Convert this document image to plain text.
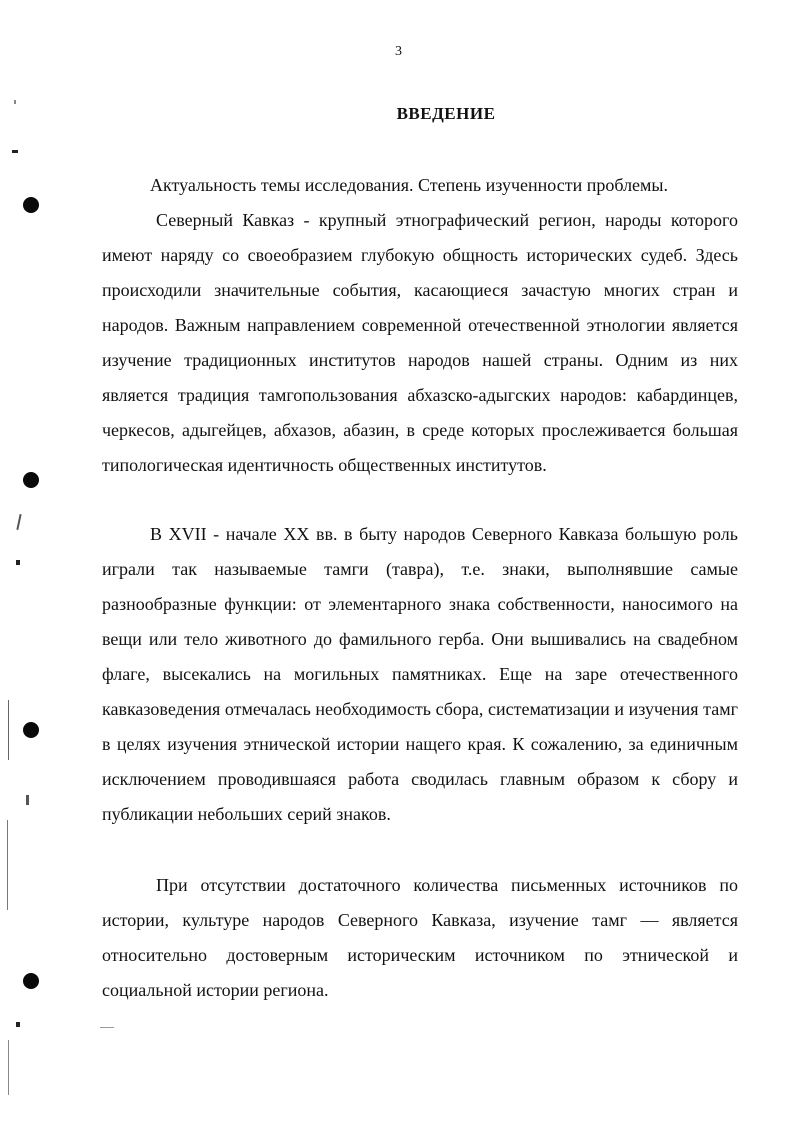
3
ВВЕДЕНИЕ

Актуальность темы исследования. Степень изученности проблемы.

Северный Кавказ - крупный этнографический регион, народы которого имеют наряду со своеобразием глубокую общность исторических судеб. Здесь происходили значительные события, касающиеся зачастую многих стран и народов. Важным направлением современной отечественной этнологии является изучение традиционных институтов народов нашей страны. Одним из них является традиция тамгопользования абхазско-адыгских народов: кабардинцев, черкесов, адыгейцев, абхазов, абазин, в среде которых прослеживается большая типологическая идентичность общественных институтов.

В XVII - начале XX вв. в быту народов Северного Кавказа большую роль играли так называемые тамги (тавра), т.е. знаки, выполнявшие самые разнообразные функции: от элементарного знака собственности, наносимого на вещи или тело животного до фамильного герба. Они вышивались на свадебном флаге, высекались на могильных памятниках. Еще на заре отечественного кавказоведения отмечалась необходимость сбора, систематизации и изучения тамг в целях изучения этнической истории нащего края. К сожалению, за единичным исключением проводившаяся работа сводилась главным образом к сбору и публикации небольших серий знаков.

При отсутствии достаточного количества письменных источников по истории, культуре народов Северного Кавказа, изучение тамг — является относительно достоверным историческим источником по этнической и социальной истории региона.
